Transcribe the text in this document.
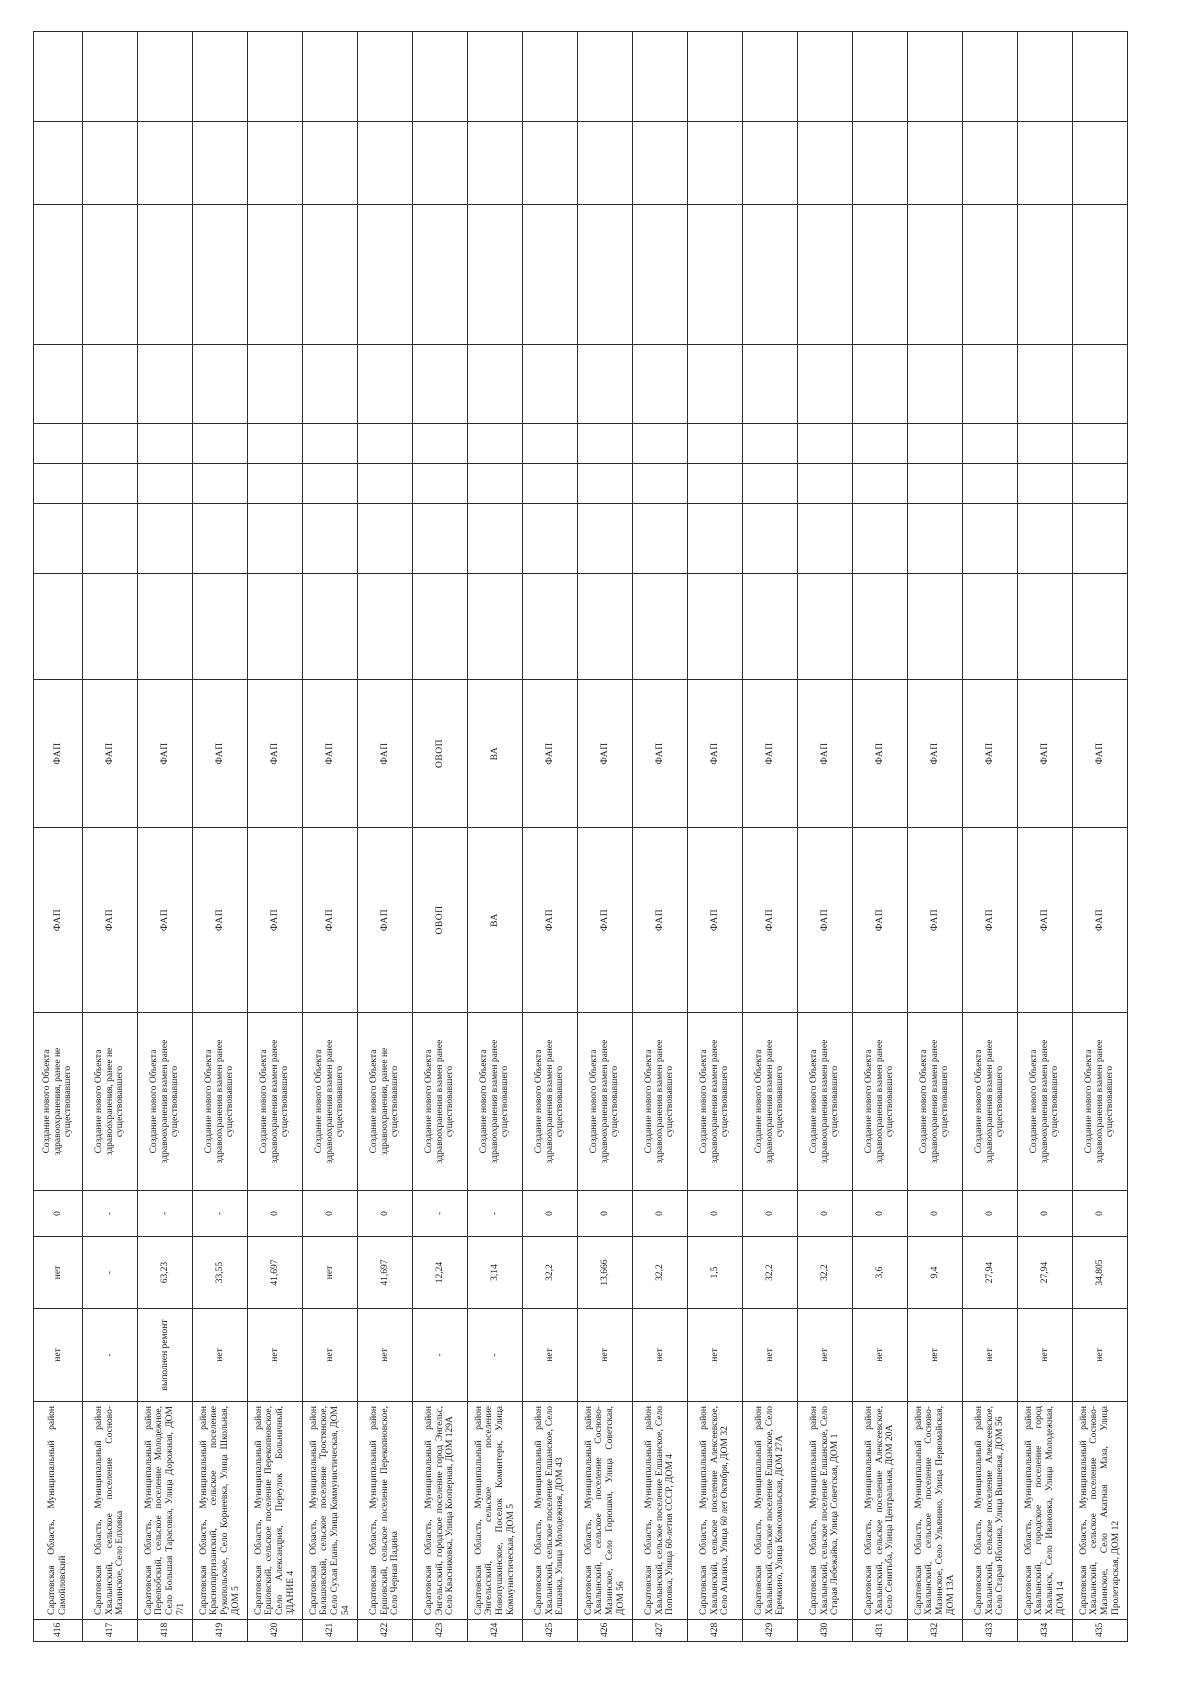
416	Саратовская Область, Муниципальный район Самойловский	нет	нет	0	Создание нового Объекта здравоохранения, ранее не существовавшего	ФАП	ФАП								
417	Саратовская Область, Муниципальный район Хвалынский, сельское поселение Сосново-Мазинское, Село Елховка	-	-	-	Создание нового Объекта здравоохранения, ранее не существовавшего	ФАП	ФАП								
418	Саратовская Область, Муниципальный район Перелюбский, сельское поселение Молодежное, Село Большая Тарасовка, Улица Дорожная, ДОМ 7/1	выполнен ремонт	63,23	-	Создание нового Объекта здравоохранения взамен ранее существовавшего	ФАП	ФАП								
419	Саратовская Область, Муниципальный район Краснопартизанский, сельское поселение Рукопольское, Село Корнеевка, Улица Школьная, ДОМ 5	нет	33,55	-	Создание нового Объекта здравоохранения взамен ранее существовавшего	ФАП	ФАП								
420	Саратовская Область, Муниципальный район Ершовский, сельское поселение Перекопновское, Село Александрия, Переулок Больничный, ЗДАНИЕ 4	нет	41,697	0	Создание нового Объекта здравоохранения взамен ранее существовавшего	ФАП	ФАП								
421	Саратовская Область, Муниципальный район Балашовский, сельское поселение Тростянское, Село Сухая Елань, Улица Коммунистическая, ДОМ 54	нет	нет	0	Создание нового Объекта здравоохранения взамен ранее существовавшего	ФАП	ФАП								
422	Саратовская Область, Муниципальный район Ершовский, сельское поселение Перекопновское, Село Черная Падина	нет	41,697	0	Создание нового Объекта здравоохранения, ранее не существовавшего	ФАП	ФАП								
423	Саратовская Область, Муниципальный район Энгельсский, городское поселение город Энгельс, Село Квасниковка, Улица Кооперная, ДОМ 129А	-	12,24	-	Создание нового Объекта здравоохранения взамен ранее существовавшего	ОВОП	ОВОП								
424	Саратовская Область, Муниципальный район Энгельсский, сельское поселение Новопушкинское, Поселок Коминтерн, Улица Коммунистическая, ДОМ 5	-	3,14	-	Создание нового Объекта здравоохранения взамен ранее существовавшего	ВА	ВА								
425	Саратовская Область, Муниципальный район Хвалынский, сельское поселение Елшанское, Село Елшанка, Улица Молодежная, ДОМ 43	нет	32,2	0	Создание нового Объекта здравоохранения взамен ранее существовавшего	ФАП	ФАП								
426	Саратовская Область, Муниципальный район Хвалынский, сельское поселение Сосново-Мазинское, Село Горюшки, Улица Советская, ДОМ 56	нет	13,666	0	Создание нового Объекта здравоохранения взамен ранее существовавшего	ФАП	ФАП								
427	Саратовская Область, Муниципальный район Хвалынский, сельское поселение Елшанское, Село Поповка, Улица 60-летия СССР, ДОМ 4	нет	32,2	0	Создание нового Объекта здравоохранения взамен ранее существовавшего	ФАП	ФАП								
428	Саратовская Область, Муниципальный район Хвалынский, сельское поселение Алексеевское, Село Апалиха, Улица 60 лет Октября, ДОМ 32	нет	1,5	0	Создание нового Объекта здравоохранения взамен ранее существовавшего	ФАП	ФАП								
429	Саратовская Область, Муниципальный район Хвалынский, сельское поселение Елшанское, Село Еремкино, Улица Комсомольская, ДОМ 27А	нет	32,2	0	Создание нового Объекта здравоохранения взамен ранее существовавшего	ФАП	ФАП								
430	Саратовская Область, Муниципальный район Хвалынский, сельское поселение Елшанское, Село Старая Лебежайка, Улица Советская, ДОМ 1	нет	32,2	0	Создание нового Объекта здравоохранения взамен ранее существовавшего	ФАП	ФАП								
431	Саратовская Область, Муниципальный район Хвалынский, сельское поселение Алексеевское, Село Сеиитьба, Улица Центральная, ДОМ 20А	нет	3,6	0	Создание нового Объекта здравоохранения взамен ранее существовавшего	ФАП	ФАП								
432	Саратовская Область, Муниципальный район Хвалынский, сельское поселение Сосново-Мазинское, Село Ульянино, Улица Первомайская, ДОМ 13А	нет	9,4	0	Создание нового Объекта здравоохранения взамен ранее существовавшего	ФАП	ФАП								
433	Саратовская Область, Муниципальный район Хвалынский, сельское поселение Алексеевское, Село Старая Яблонка, Улица Вишневая, ДОМ 56	нет	27,94	0	Создание нового Объекта здравоохранения взамен ранее существовавшего	ФАП	ФАП								
434	Саратовская Область, Муниципальный район Хвалынский, городское поселение город Хвалынск, Село Ивановка, Улица Молодежная, ДОМ 14	нет	27,94	0	Создание нового Объекта здравоохранения взамен ранее существовавшего	ФАП	ФАП								
435	Саратовская Область, Муниципальный район Хвалынский, сельское поселение Сосново-Мазинское, Село Акатная Маза, Улица Пролетарская, ДОМ 12	нет	34,805	0	Создание нового Объекта здравоохранения взамен ранее существовавшего	ФАП	ФАП								
